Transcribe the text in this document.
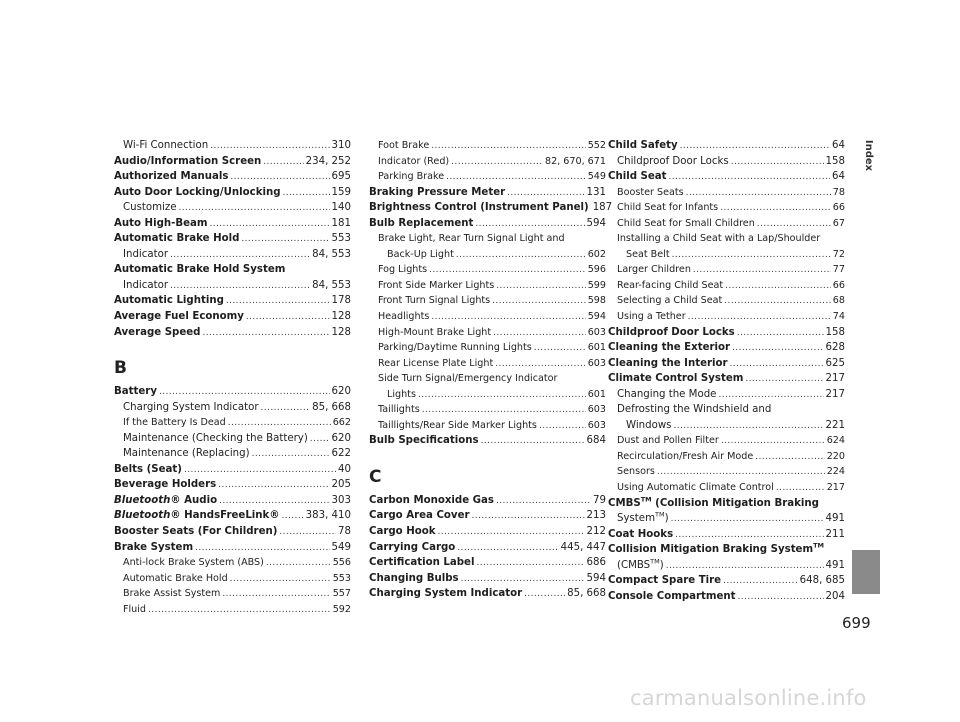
Wi-Fi Connection .....	310
Audio/Information Screen .....	234, 252
Authorized Manuals .....	695
Auto Door Locking/Unlocking .....	159
Customize .....	140
Auto High-Beam .....	181
Automatic Brake Hold .....	553
Indicator .....	84, 553
Automatic Brake Hold System
Indicator .....	84, 553
Automatic Lighting .....	178
Average Fuel Economy .....	128
Average Speed .....	128
B
Battery .....	620
Charging System Indicator .....	85, 668
If the Battery Is Dead .....	662
Maintenance (Checking the Battery) ..... 620
Maintenance (Replacing) .....	622
Belts (Seat) .....	40
Beverage Holders .....	205
Bluetooth® Audio .....	303
Bluetooth® HandsFreeLink® .....	383, 410
Booster Seats (For Children) .....	78
Brake System .....	549
Anti-lock Brake System (ABS) .....	556
Automatic Brake Hold .....	553
Brake Assist System .....	557
Fluid .....	592
Foot Brake .....	552
Indicator (Red) .....	82, 670, 671
Parking Brake .....	549
Braking Pressure Meter .....	131
Brightness Control (Instrument Panel) 187
Bulb Replacement .....	594
Brake Light, Rear Turn Signal Light and
Back-Up Light .....	602
Fog Lights .....	596
Front Side Marker Lights .....	599
Front Turn Signal Lights .....	598
Headlights .....	594
High-Mount Brake Light .....	603
Parking/Daytime Running Lights .....	601
Rear License Plate Light .....	603
Side Turn Signal/Emergency Indicator
Lights .....	601
Taillights .....	603
Taillights/Rear Side Marker Lights .....	603
Bulb Specifications .....	684
C
Carbon Monoxide Gas .....	79
Cargo Area Cover .....	213
Cargo Hook .....	212
Carrying Cargo .....	445, 447
Certification Label .....	686
Changing Bulbs .....	594
Charging System Indicator .....	85, 668
Child Safety .....	64
Childproof Door Locks .....	158
Child Seat .....	64
Booster Seats .....	78
Child Seat for Infants .....	66
Child Seat for Small Children .....	67
Installing a Child Seat with a Lap/Shoulder
Seat Belt .....	72
Larger Children .....	77
Rear-facing Child Seat .....	66
Selecting a Child Seat .....	68
Using a Tether .....	74
Childproof Door Locks .....	158
Cleaning the Exterior .....	628
Cleaning the Interior .....	625
Climate Control System .....	217
Changing the Mode .....	217
Defrosting the Windshield and
Windows .....	221
Dust and Pollen Filter .....	624
Recirculation/Fresh Air Mode .....	220
Sensors .....	224
Using Automatic Climate Control .....	217
CMBS™ (Collision Mitigation Braking
System™) .....	491
Coat Hooks .....	211
Collision Mitigation Braking System™
(CMBS™) .....	491
Compact Spare Tire .....	648, 685
Console Compartment .....	204
Index
699
carmanualsonline.info
